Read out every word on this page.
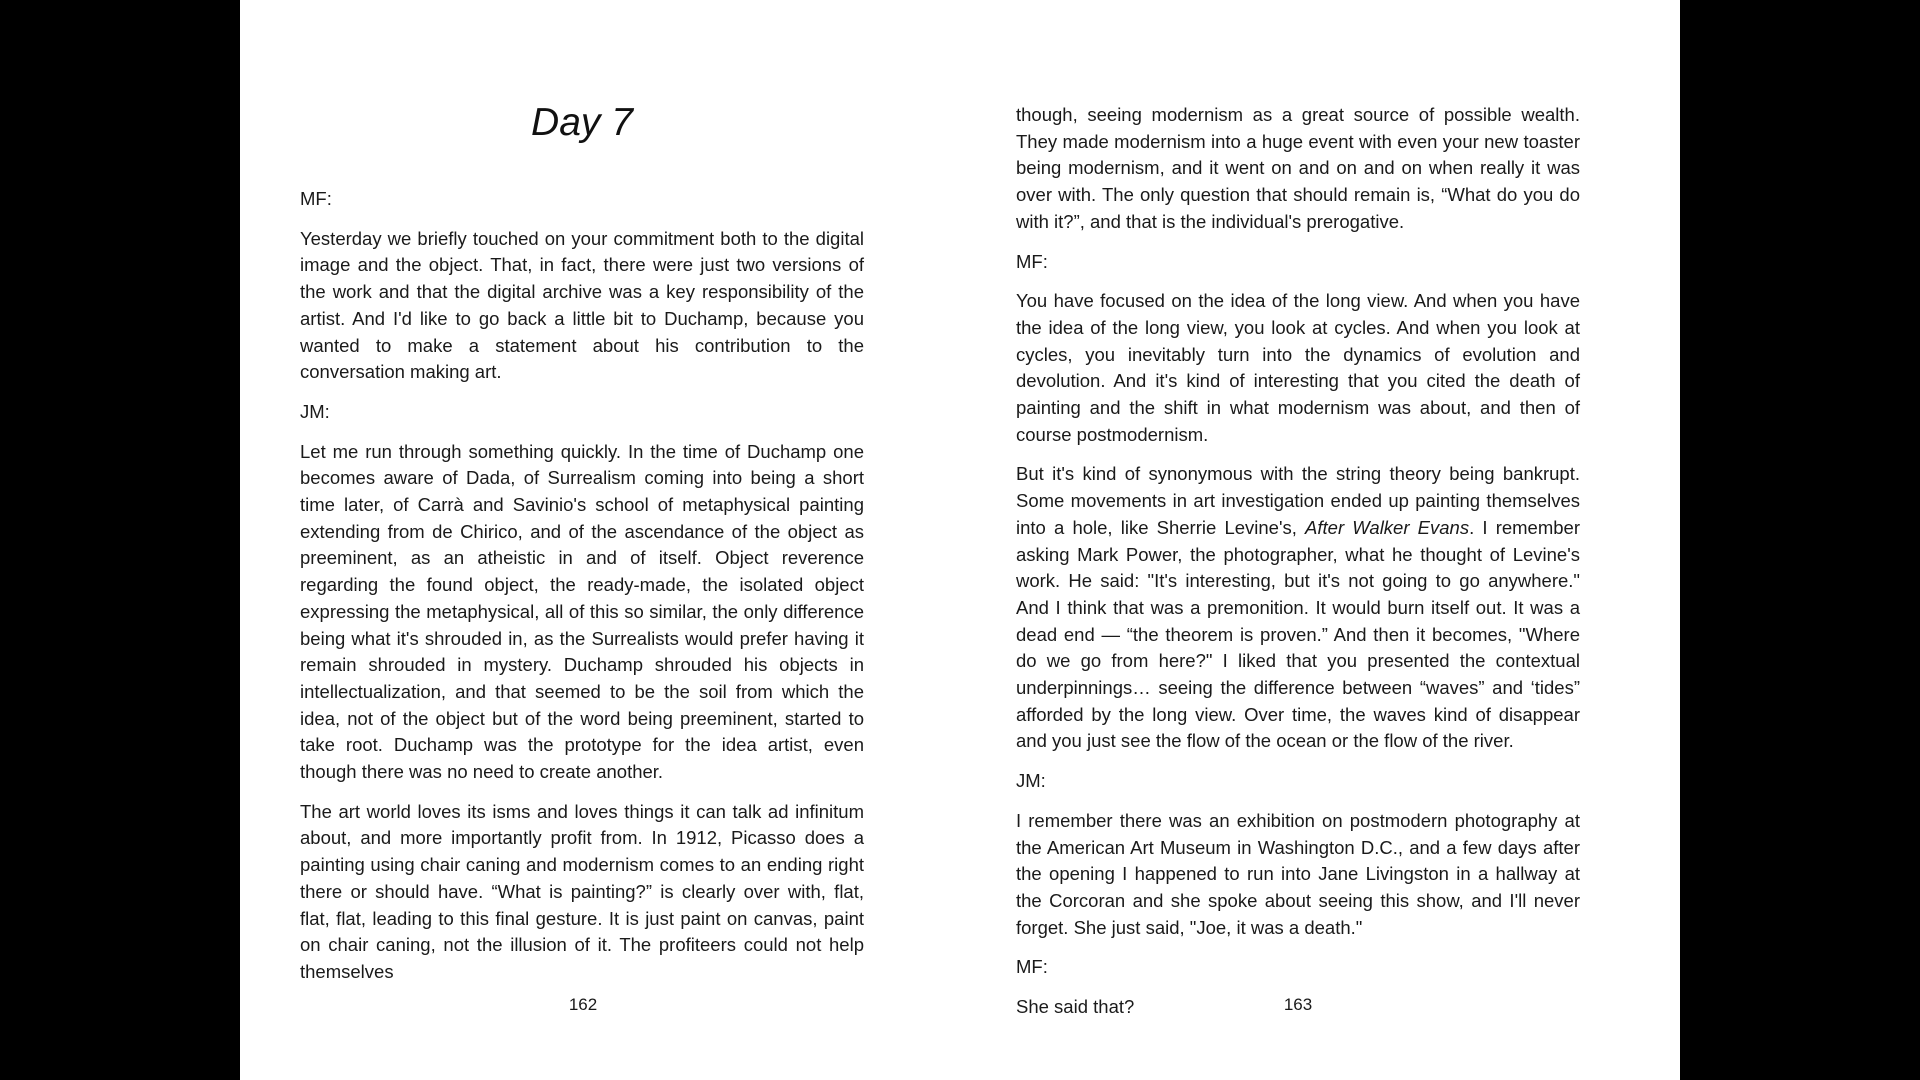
Day 7

MF:

Yesterday we briefly touched on your commitment both to the digital image and the object. That, in fact, there were just two versions of the work and that the digital archive was a key responsibility of the artist. And I'd like to go back a little bit to Duchamp, because you wanted to make a statement about his contribution to the conversation making art.

JM:

Let me run through something quickly. In the time of Duchamp one becomes aware of Dada, of Surrealism coming into being a short time later, of Carrà and Savinio's school of metaphysical painting extending from de Chirico, and of the ascendance of the object as preeminent, as an atheistic in and of itself. Object reverence regarding the found object, the ready-made, the isolated object expressing the metaphysical, all of this so similar, the only difference being what it's shrouded in, as the Surrealists would prefer having it remain shrouded in mystery. Duchamp shrouded his objects in intellectualization, and that seemed to be the soil from which the idea, not of the object but of the word being preeminent, started to take root. Duchamp was the prototype for the idea artist, even though there was no need to create another.

The art world loves its isms and loves things it can talk ad infinitum about, and more importantly profit from. In 1912, Picasso does a painting using chair caning and modernism comes to an ending right there or should have. “What is painting?” is clearly over with, flat, flat, flat, leading to this final gesture. It is just paint on canvas, paint on chair caning, not the illusion of it. The profiteers could not help themselves

162

though, seeing modernism as a great source of possible wealth. They made modernism into a huge event with even your new toaster being modernism, and it went on and on and on when really it was over with. The only question that should remain is, “What do you do with it?”, and that is the individual's prerogative.

MF:

You have focused on the idea of the long view. And when you have the idea of the long view, you look at cycles. And when you look at cycles, you inevitably turn into the dynamics of evolution and devolution. And it's kind of interesting that you cited the death of painting and the shift in what modernism was about, and then of course postmodernism.

But it's kind of synonymous with the string theory being bankrupt. Some movements in art investigation ended up painting themselves into a hole, like Sherrie Levine's, After Walker Evans. I remember asking Mark Power, the photographer, what he thought of Levine's work. He said: "It's interesting, but it's not going to go anywhere." And I think that was a premonition. It would burn itself out. It was a dead end — “the theorem is proven.” And then it becomes, "Where do we go from here?" I liked that you presented the contextual underpinnings… seeing the difference between “waves” and ‘tides” afforded by the long view. Over time, the waves kind of disappear and you just see the flow of the ocean or the flow of the river.

JM:

I remember there was an exhibition on postmodern photography at the American Art Museum in Washington D.C., and a few days after the opening I happened to run into Jane Livingston in a hallway at the Corcoran and she spoke about seeing this show, and I'll never forget. She just said, "Joe, it was a death."

MF:

She said that?	163
